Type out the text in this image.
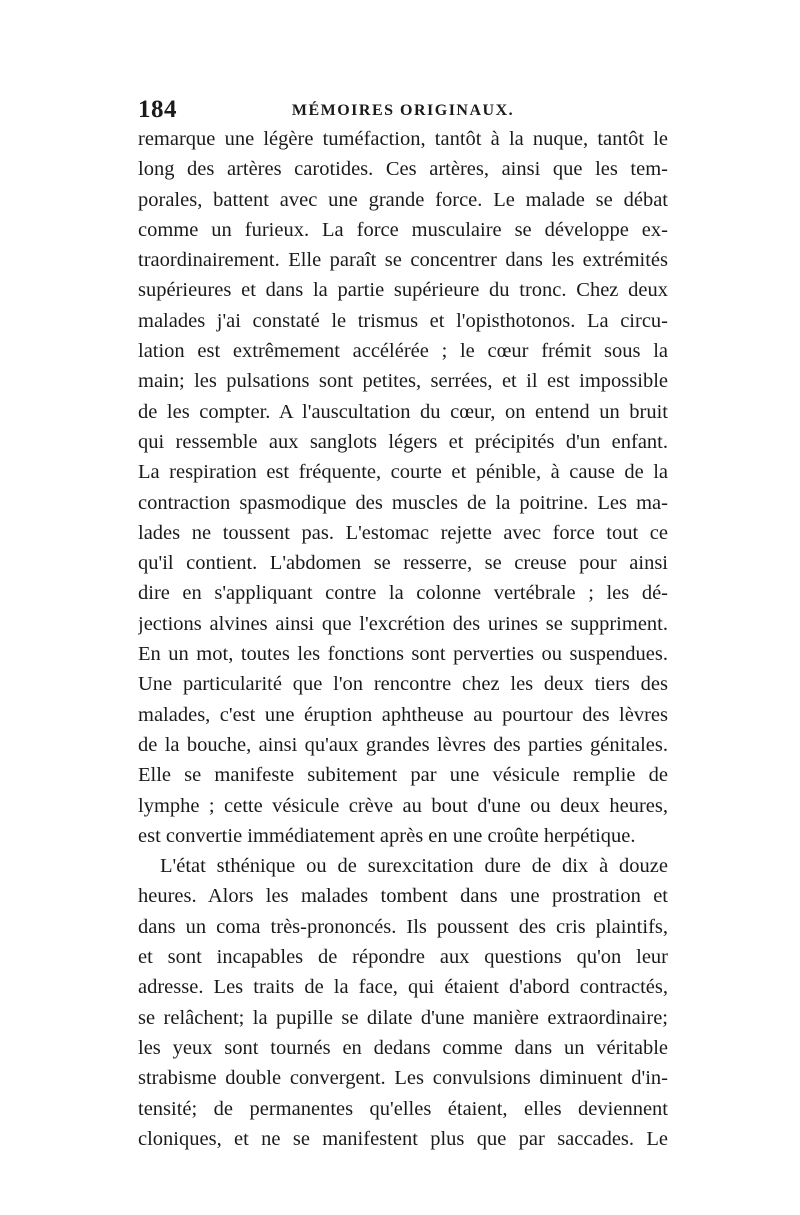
184	MÉMOIRES ORIGINAUX.
remarque une légère tuméfaction, tantôt à la nuque, tantôt le
long des artères carotides. Ces artères, ainsi que les tem-
porales, battent avec une grande force. Le malade se débat
comme un furieux. La force musculaire se développe ex-
traordinairement. Elle paraît se concentrer dans les extrémités
supérieures et dans la partie supérieure du tronc. Chez deux
malades j'ai constaté le trismus et l'opisthotonos. La circu-
lation est extrêmement accélérée ; le cœur frémit sous la
main; les pulsations sont petites, serrées, et il est impossible
de les compter. A l'auscultation du cœur, on entend un bruit
qui ressemble aux sanglots légers et précipités d'un enfant.
La respiration est fréquente, courte et pénible, à cause de la
contraction spasmodique des muscles de la poitrine. Les ma-
lades ne toussent pas. L'estomac rejette avec force tout ce
qu'il contient. L'abdomen se resserre, se creuse pour ainsi
dire en s'appliquant contre la colonne vertébrale ; les dé-
jections alvines ainsi que l'excrétion des urines se suppriment.
En un mot, toutes les fonctions sont perverties ou suspendues.
Une particularité que l'on rencontre chez les deux tiers des
malades, c'est une éruption aphtheuse au pourtour des lèvres
de la bouche, ainsi qu'aux grandes lèvres des parties génitales.
Elle se manifeste subitement par une vésicule remplie de
lymphe ; cette vésicule crève au bout d'une ou deux heures,
est convertie immédiatement après en une croûte herpétique.
L'état sthénique ou de surexcitation dure de dix à douze
heures. Alors les malades tombent dans une prostration et
dans un coma très-prononcés. Ils poussent des cris plaintifs,
et sont incapables de répondre aux questions qu'on leur
adresse. Les traits de la face, qui étaient d'abord contractés,
se relâchent; la pupille se dilate d'une manière extraordinaire;
les yeux sont tournés en dedans comme dans un véritable
strabisme double convergent. Les convulsions diminuent d'in-
tensité; de permanentes qu'elles étaient, elles deviennent
cloniques, et ne se manifestent plus que par saccades. Le
